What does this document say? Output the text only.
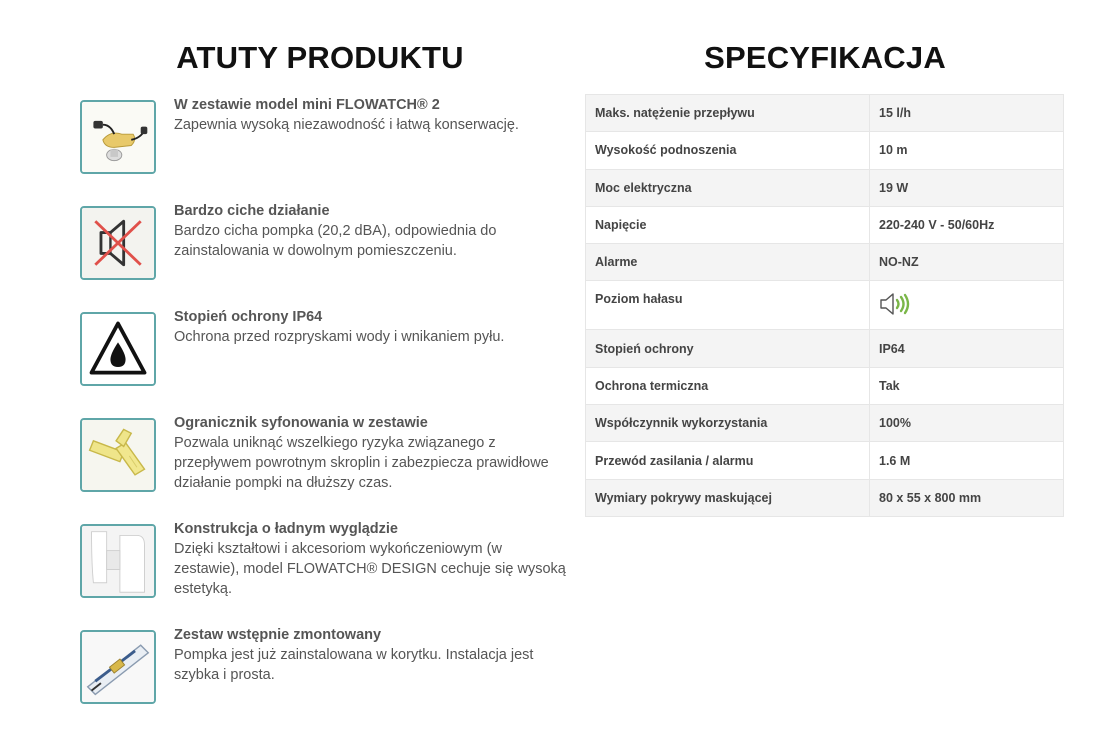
ATUTY PRODUKTU	SPECYFIKACJA
W zestawie model mini FLOWATCH® 2
Zapewnia wysoką niezawodność i łatwą konserwację.
Bardzo ciche działanie
Bardzo cicha pompka (20,2 dBA), odpowiednia do
zainstalowania w dowolnym pomieszczeniu.
Stopień ochrony IP64
Ochrona przed rozpryskami wody i wnikaniem pyłu.
Ogranicznik syfonowania w zestawie
Pozwala uniknąć wszelkiego ryzyka związanego z
przepływem powrotnym skroplin i zabezpiecza prawidłowe
działanie pompki na dłuższy czas.
Konstrukcja o ładnym wyglądzie
Dzięki kształtowi i akcesoriom wykończeniowym (w
zestawie), model FLOWATCH® DESIGN cechuje się wysoką
estetyką.
Zestaw wstępnie zmontowany
Pompka jest już zainstalowana w korytku. Instalacja jest
szybka i prosta.
Maks. natężenie przepływu	15 l/h
Wysokość podnoszenia	10 m
Moc elektryczna	19 W
Napięcie	220-240 V - 50/60Hz
Alarme	NO-NZ
Poziom hałasu	
Stopień ochrony	IP64
Ochrona termiczna	Tak
Współczynnik wykorzystania	100%
Przewód zasilania / alarmu	1.6 M
Wymiary pokrywy maskującej	80 x 55 x 800 mm
